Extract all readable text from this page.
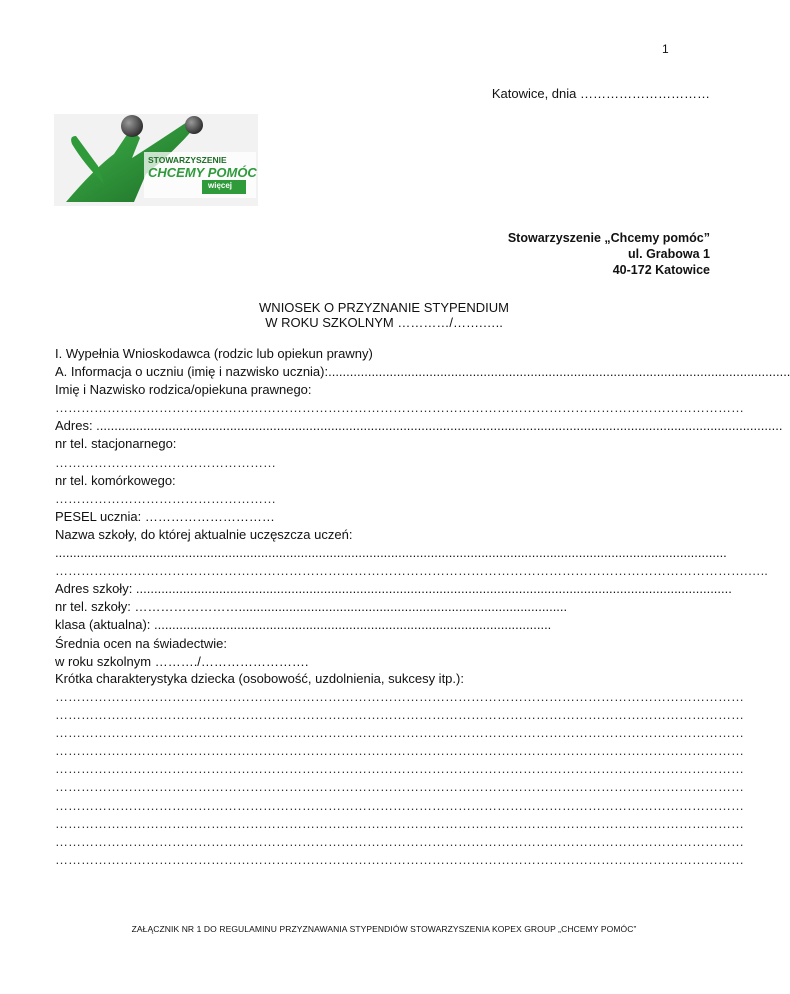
1
Katowice, dnia …………………………
STOWARZYSZENIE
CHCEMY POMÓC
więcej
Stowarzyszenie „Chcemy pomóc”
ul. Grabowa 1
40-172 Katowice
WNIOSEK O PRZYZNANIE STYPENDIUM
W ROKU SZKOLNYM …………/…….…..
I. Wypełnia Wnioskodawca (rodzic lub opiekun prawny)
A. Informacja o uczniu (imię i nazwisko ucznia):................................................................................................................................
Imię i Nazwisko rodzica/opiekuna prawnego:
……………………………………………………………………………………………………………………………………………
Adres: ..............................................................................................................................................................................................
nr tel. stacjonarnego:
……………………………………………
nr tel. komórkowego:
……………………………………………
PESEL ucznia: …………………………
Nazwa szkoły, do której aktualnie uczęszcza uczeń:
..........................................................................................................................................................................................
…………………………………………………………………………………………………………………………………………….…..
Adres szkoły: .....................................................................................................................................................................
nr tel. szkoły: ……………………...........................................................................................
klasa (aktualna): ..............................................................................................................
Średnia ocen na świadectwie:
w roku szkolnym ………./…………………….
Krótka charakterystyka dziecka (osobowość, uzdolnienia, sukcesy itp.):
……………………………………………………………………………………………………………………………………………
……………………………………………………………………………………………………………………………………………
……………………………………………………………………………………………………………………………………………
……………………………………………………………………………………………………………………………………………
……………………………………………………………………………………………………………………………………………
……………………………………………………………………………………………………………………………………………
……………………………………………………………………………………………………………………………………………
……………………………………………………………………………………………………………………………………………
……………………………………………………………………………………………………………………………………………
……………………………………………………………………………………………………………………………………………
ZAŁĄCZNIK NR 1 DO REGULAMINU PRZYZNAWANIA STYPENDIÓW STOWARZYSZENIA KOPEX GROUP „CHCEMY POMÓC”
